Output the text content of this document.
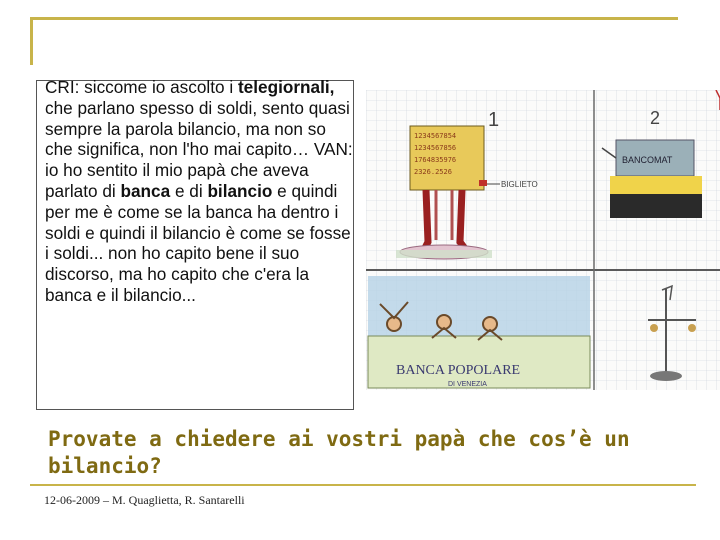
CRI: siccome io ascolto i telegiornali, che parlano spesso di soldi, sento quasi sempre la parola bilancio, ma non so che significa, non l'ho mai capito… VAN: io ho sentito il mio papà che aveva parlato di banca e di bilancio e quindi per me è come se la banca ha dentro i soldi e quindi il bilancio è come se fosse i soldi... non ho capito bene il suo discorso, ma ho capito che c'era la banca e il bilancio...

1
1234567854
1234567856
1764835976
2326.2526
BIGLIETO
2
BANCOMAT
BANCA POPOLARE
DI VENEZIA

Provate a chiedere ai vostri papà che cos’è un bilancio?

12-06-2009 – M. Quaglietta, R. Santarelli
